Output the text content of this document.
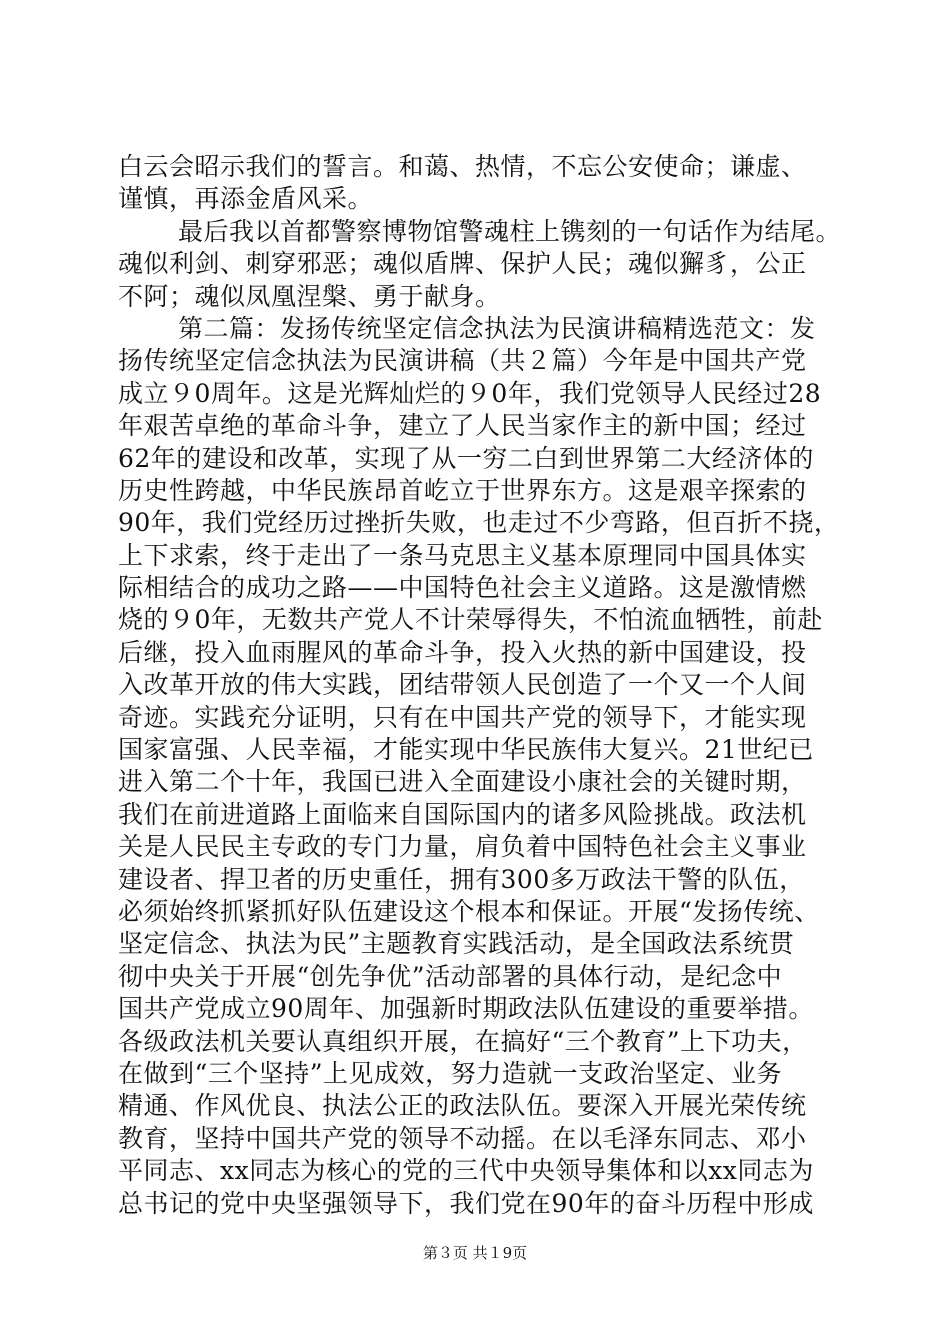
白云会昭示我们的誓言。和蔼、热情，不忘公安使命；谦虚、
谨慎，再添金盾风采。
最后我以首都警察博物馆警魂柱上镌刻的一句话作为结尾。
魂似利剑、刺穿邪恶；魂似盾牌、保护人民；魂似獬豸，公正
不阿；魂似凤凰涅槃、勇于献身。
第二篇：发扬传统坚定信念执法为民演讲稿精选范文：发
扬传统坚定信念执法为民演讲稿（共２篇）今年是中国共产党
成立９0周年。这是光辉灿烂的９0年，我们党领导人民经过28
年艰苦卓绝的革命斗争，建立了人民当家作主的新中国；经过
62年的建设和改革，实现了从一穷二白到世界第二大经济体的
历史性跨越，中华民族昂首屹立于世界东方。这是艰辛探索的
90年，我们党经历过挫折失败，也走过不少弯路，但百折不挠，
上下求索，终于走出了一条马克思主义基本原理同中国具体实
际相结合的成功之路——中国特色社会主义道路。这是激情燃
烧的９0年，无数共产党人不计荣辱得失，不怕流血牺牲，前赴
后继，投入血雨腥风的革命斗争，投入火热的新中国建设，投
入改革开放的伟大实践，团结带领人民创造了一个又一个人间
奇迹。实践充分证明，只有在中国共产党的领导下，才能实现
国家富强、人民幸福，才能实现中华民族伟大复兴。21世纪已
进入第二个十年，我国已进入全面建设小康社会的关键时期，
我们在前进道路上面临来自国际国内的诸多风险挑战。政法机
关是人民民主专政的专门力量，肩负着中国特色社会主义事业
建设者、捍卫者的历史重任，拥有300多万政法干警的队伍，
必须始终抓紧抓好队伍建设这个根本和保证。开展“发扬传统、
坚定信念、执法为民”主题教育实践活动，是全国政法系统贯
彻中央关于开展“创先争优”活动部署的具体行动，是纪念中
国共产党成立90周年、加强新时期政法队伍建设的重要举措。
各级政法机关要认真组织开展，在搞好“三个教育”上下功夫，
在做到“三个坚持”上见成效，努力造就一支政治坚定、业务
精通、作风优良、执法公正的政法队伍。要深入开展光荣传统
教育，坚持中国共产党的领导不动摇。在以毛泽东同志、邓小
平同志、xx同志为核心的党的三代中央领导集体和以xx同志为
总书记的党中央坚强领导下，我们党在90年的奋斗历程中形成
第３页 共１9页
